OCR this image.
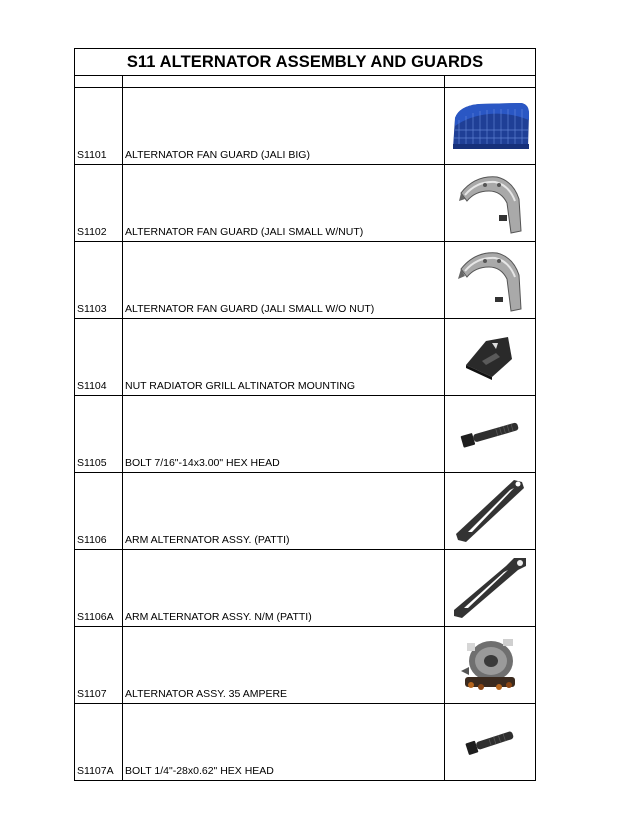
S11 ALTERNATOR ASSEMBLY AND GUARDS		

S1101	ALTERNATOR FAN GUARD (JALI BIG)	

S1102	ALTERNATOR FAN GUARD (JALI SMALL W/NUT)	

S1103	ALTERNATOR FAN GUARD (JALI SMALL W/O NUT)	

S1104	NUT RADIATOR GRILL ALTINATOR MOUNTING	

S1105	BOLT 7/16"-14x3.00" HEX HEAD	

S1106	ARM ALTERNATOR ASSY. (PATTI)	

S1106A	ARM ALTERNATOR ASSY. N/M (PATTI)	

S1107	ALTERNATOR ASSY. 35 AMPERE	

S1107A	BOLT 1/4"-28x0.62" HEX HEAD	
